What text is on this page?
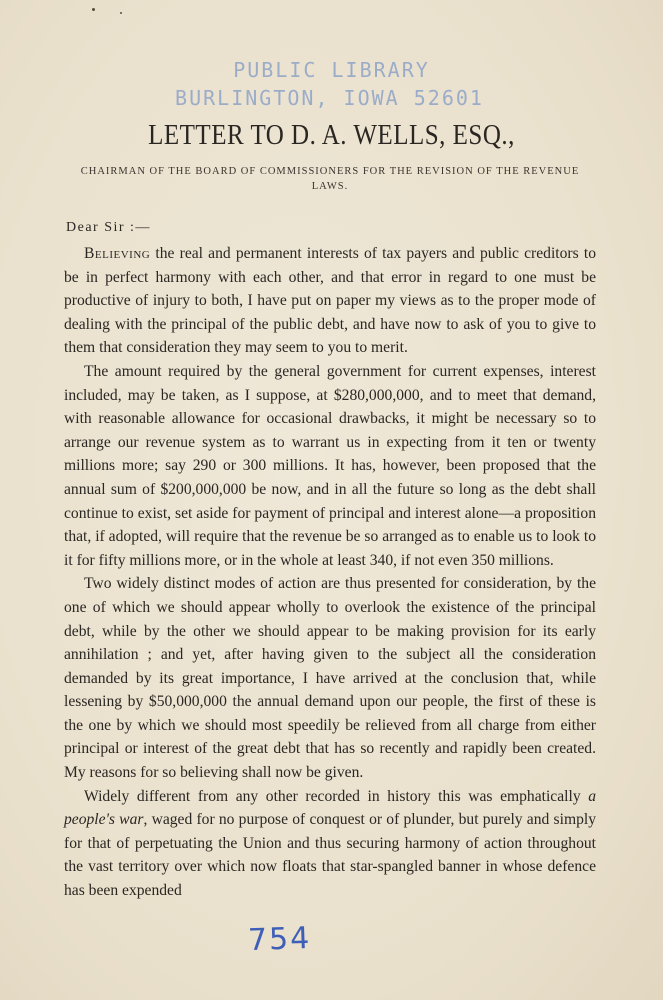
PUBLIC LIBRARY
BURLINGTON, IOWA 52601
LETTER TO D. A. WELLS, ESQ.,
CHAIRMAN OF THE BOARD OF COMMISSIONERS FOR THE REVISION OF THE REVENUE LAWS.
Dear Sir :—

Believing the real and permanent interests of tax payers and public creditors to be in perfect harmony with each other, and that error in regard to one must be productive of injury to both, I have put on paper my views as to the proper mode of dealing with the principal of the public debt, and have now to ask of you to give to them that consideration they may seem to you to merit.

The amount required by the general government for current expenses, interest included, may be taken, as I suppose, at $280,000,000, and to meet that demand, with reasonable allowance for occasional drawbacks, it might be necessary so to arrange our revenue system as to warrant us in expecting from it ten or twenty millions more; say 290 or 300 millions. It has, however, been proposed that the annual sum of $200,000,000 be now, and in all the future so long as the debt shall continue to exist, set aside for payment of principal and interest alone—a proposition that, if adopted, will require that the revenue be so arranged as to enable us to look to it for fifty millions more, or in the whole at least 340, if not even 350 millions.

Two widely distinct modes of action are thus presented for consideration, by the one of which we should appear wholly to overlook the existence of the principal debt, while by the other we should appear to be making provision for its early annihilation ; and yet, after having given to the subject all the consideration demanded by its great importance, I have arrived at the conclusion that, while lessening by $50,000,000 the annual demand upon our people, the first of these is the one by which we should most speedily be relieved from all charge from either principal or interest of the great debt that has so recently and rapidly been created. My reasons for so believing shall now be given.

Widely different from any other recorded in history this was emphatically a people's war, waged for no purpose of conquest or of plunder, but purely and simply for that of perpetuating the Union and thus securing harmony of action throughout the vast territory over which now floats that star-spangled banner in whose defence has been expended

754
